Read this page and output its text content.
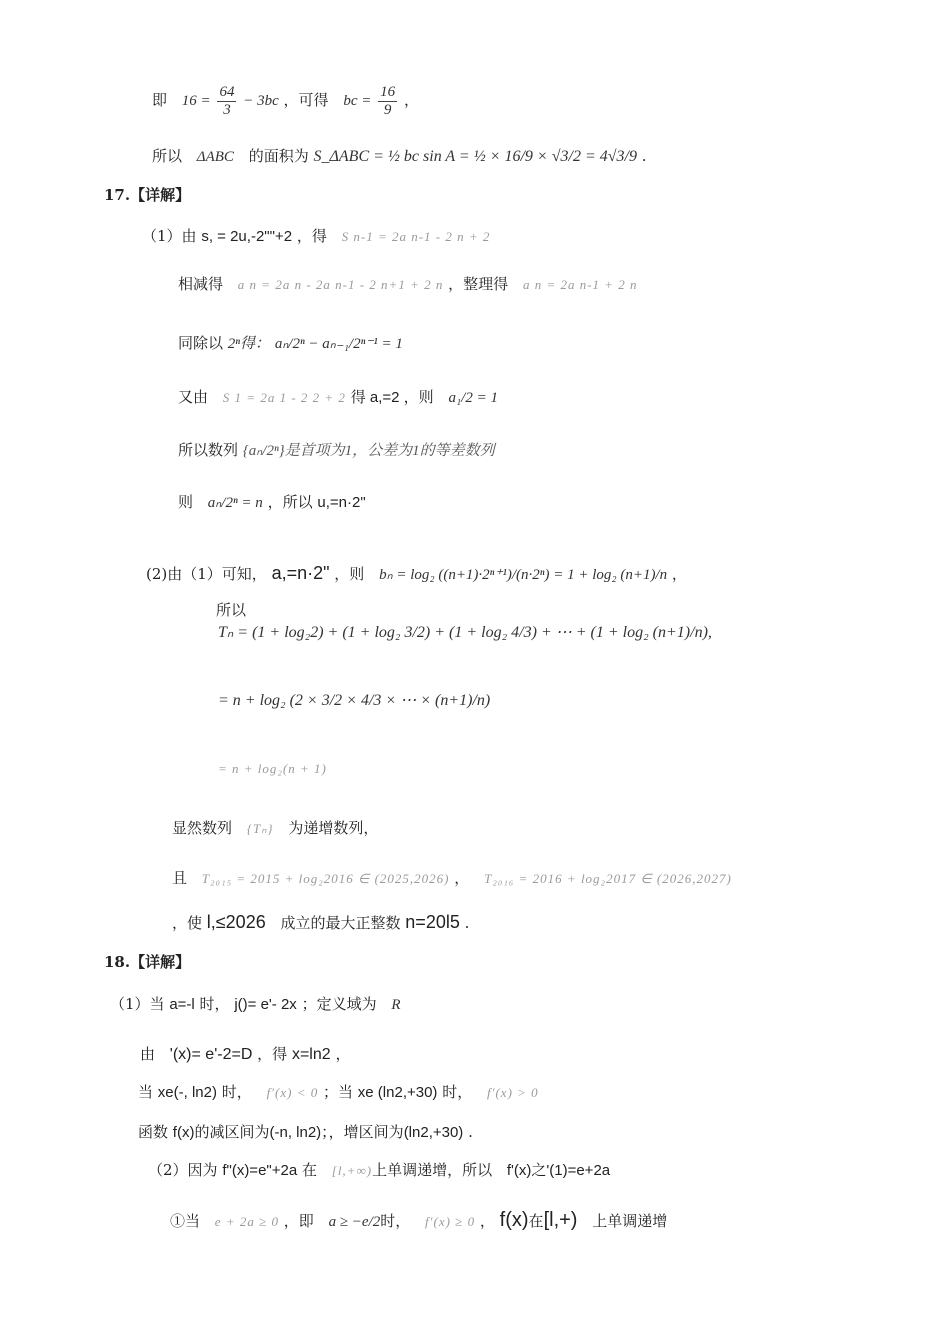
即 $16 = \frac{64}{3} - 3bc$ ，可得 bc = $\frac{16}{9}$ ，
所以 ΔABC 的面积为 S_ΔABC = ½ bc sin A = ½ × 16/9 × √3/2 = 4√3/9 .
17.【详解】
（1）由 s, = 2u,-2""+2 ，得 S n-1 = 2a n-1 - 2 n + 2
相减得 a n = 2a n - 2a n-1 - 2 n+1 + 2 n ，整理得 a n = 2a n-1 + 2 n
同除以 2ⁿ得： aₙ/2ⁿ − aₙ₋₁/2ⁿ⁻¹ = 1
又由 S 1 = 2a 1 - 2 2 + 2 得 a,=2 ，则 a₁/2 = 1
所以数列 {aₙ/2ⁿ}是首项为1，公差为1的等差数列
则 aₙ/2ⁿ = n ，所以 u,=n·2"
(2)由（1）可知， a,=n·2" ，则 bₙ = log₂ ((n+1)·2ⁿ⁺¹)/(n·2ⁿ) = 1 + log₂ (n+1)/n ，
所以
Tₙ = (1 + log₂2) + (1 + log₂ 3/2) + (1 + log₂ 4/3) + ⋯ + (1 + log₂ (n+1)/n),
= n + log₂ (2 × 3/2 × 4/3 × ⋯ × (n+1)/n)
= n + log₂(n + 1)
显然数列 {Tₙ} 为递增数列，
且 T₂₀₁₅ = 2015 + log₂2016 ∈ (2025,2026) ， T₂₀₁₆ = 2016 + log₂2017 ∈ (2026,2027)
，使 l,≤2026 成立的最大正整数 n=20l5 .
18.【详解】
（1）当 a=-l 时， j()= e'- 2x ；定义域为 R
由 '(x)= e'-2=D ，得 x=ln2 ，
当 xe(-, ln2) 时， f′(x) < 0 ；当 xe (ln2,+30) 时， f′(x) > 0
函数 f(x)的减区间为(-n, ln2)；，增区间为(ln2,+30) .
（2）因为 f"(x)=e"+2a 在 [l,+∞)上单调递增，所以 f'(x)之'(1)=e+2a
①当 e + 2a ≥ 0 ，即 a ≥ −e/2时， f′(x) ≥ 0 ， f(x)在[l,+) 上单调递增
